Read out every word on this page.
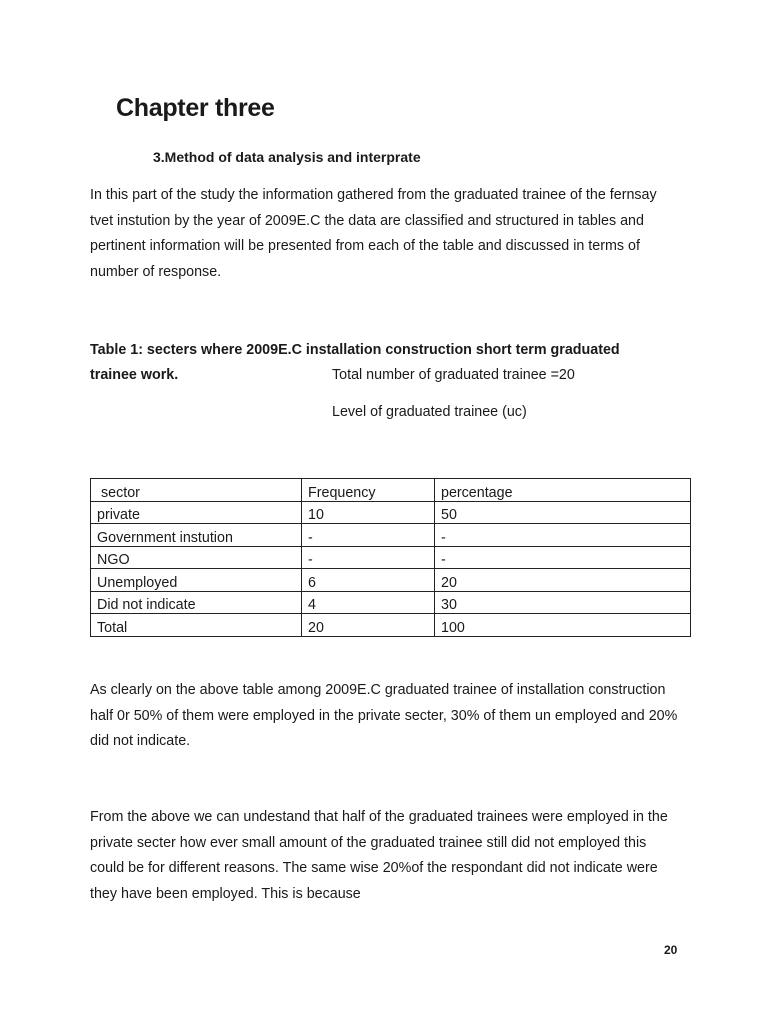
Chapter three
3.Method of data analysis and interprate

In this part of the study the information gathered from the graduated trainee of the fernsay tvet instution by the year of 2009E.C the data are classified and structured in tables and pertinent information will be presented from each of the table and discussed in terms of number of response.

Table 1: secters where 2009E.C installation construction short term graduated

trainee work.	Total number of graduated trainee =20
Level of graduated trainee (uc)
sector	Frequency	percentage
private	10	50
Government instution	-	-
NGO	-	-
Unemployed	6	20
Did not indicate	4	30
Total	20	100

As clearly on the above table among 2009E.C graduated trainee of installation construction half 0r 50% of them were employed in the private secter, 30% of them un employed and 20% did not indicate.

From the above we can undestand that half of the graduated trainees were employed in the private secter how ever small amount of the graduated trainee still did not employed this could be for different reasons. The same wise 20%of the respondant did not indicate were they have been employed. This is because

20
